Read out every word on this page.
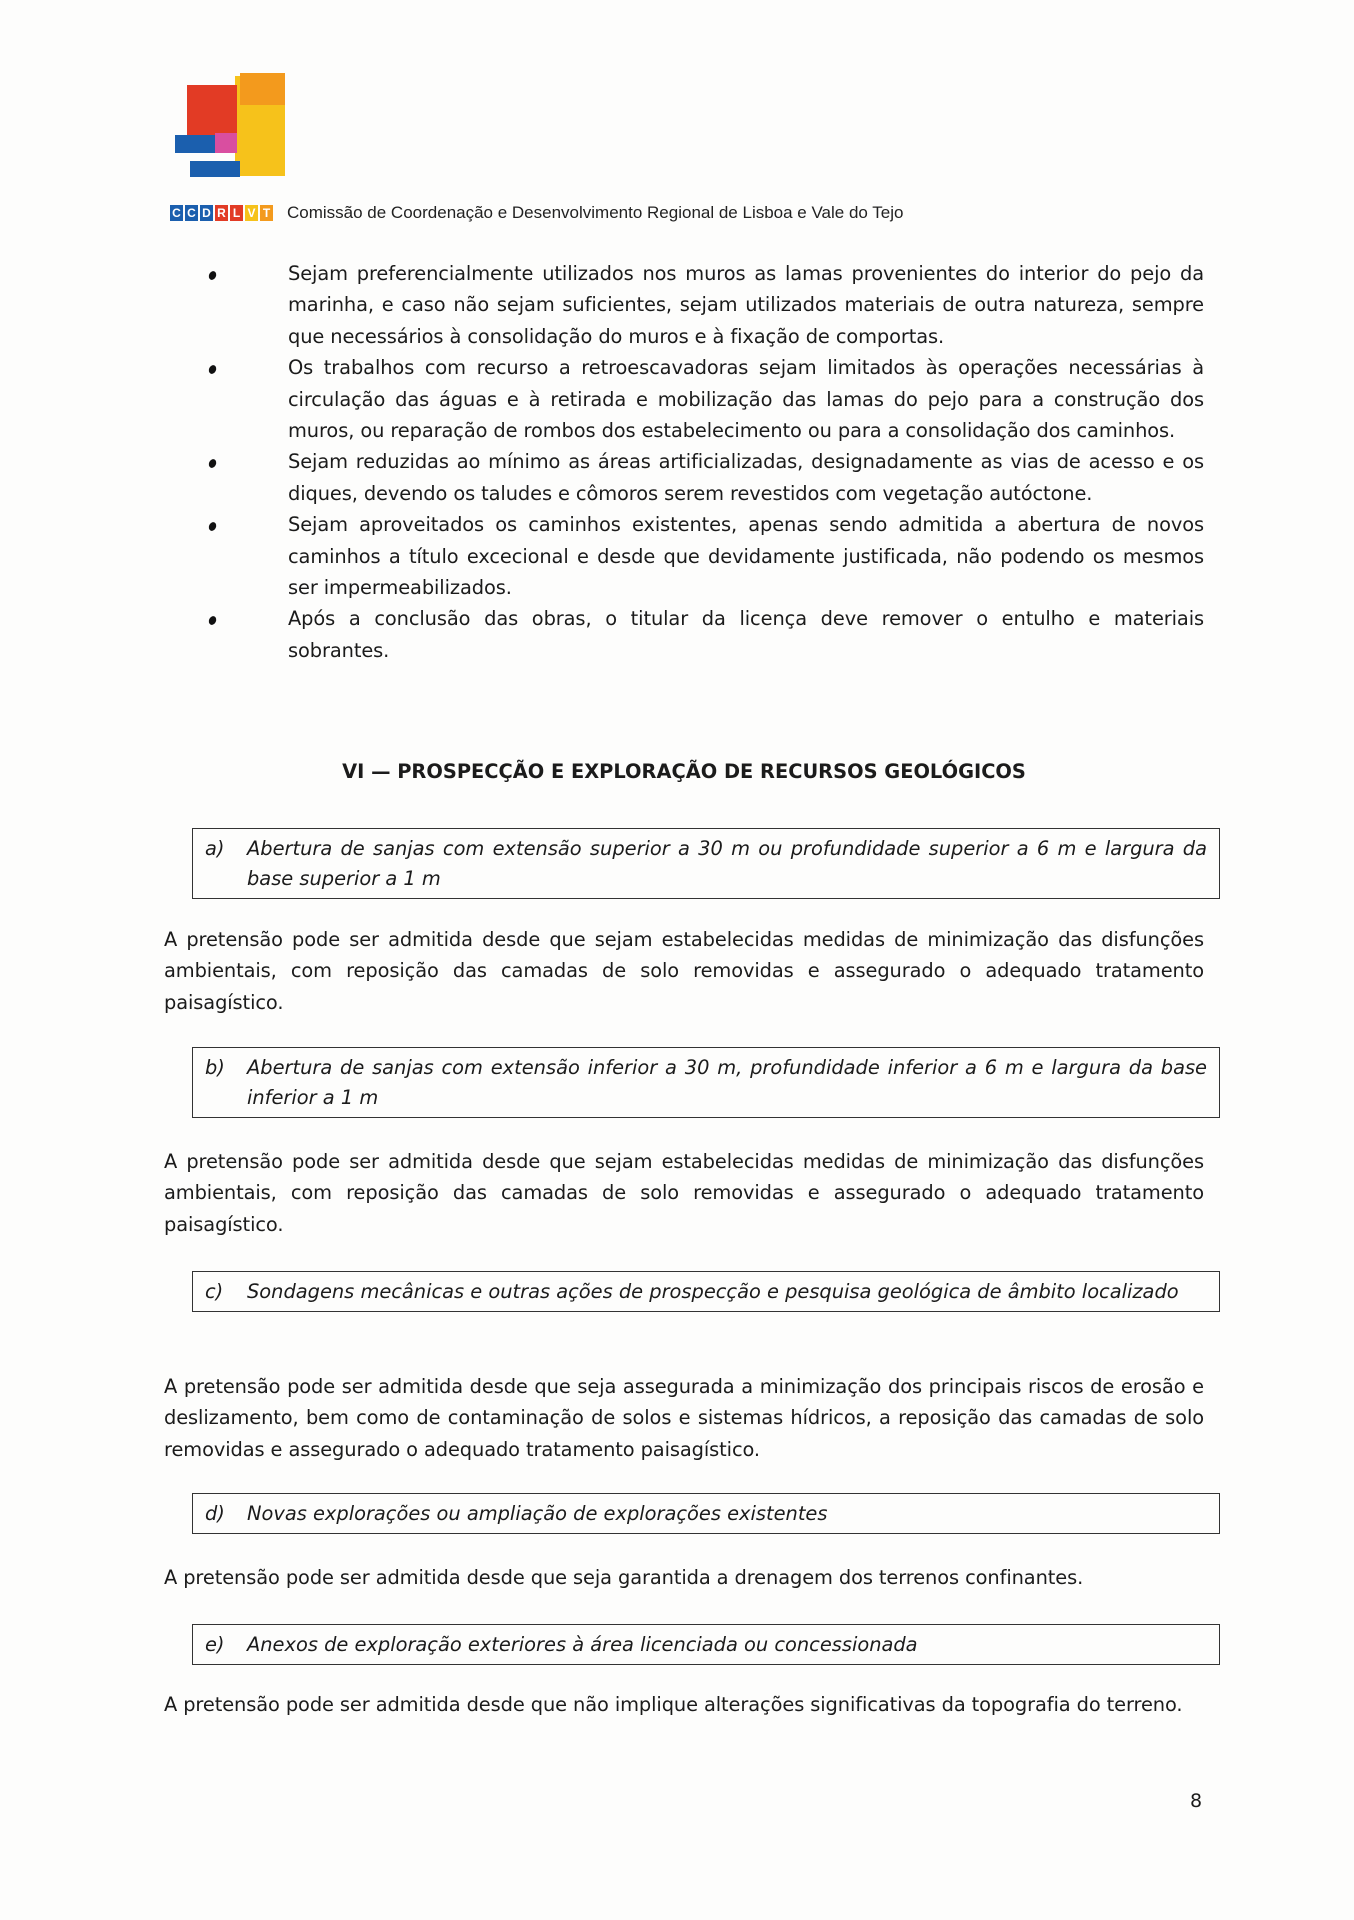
C C D R L V T Comissão de Coordenação e Desenvolvimento Regional de Lisboa e Vale do Tejo
Sejam preferencialmente utilizados nos muros as lamas provenientes do interior do pejo da marinha, e caso não sejam suficientes, sejam utilizados materiais de outra natureza, sempre que necessários à consolidação do muros e à fixação de comportas.
Os trabalhos com recurso a retroescavadoras sejam limitados às operações necessárias à circulação das águas e à retirada e mobilização das lamas do pejo para a construção dos muros, ou reparação de rombos dos estabelecimento ou para a consolidação dos caminhos.
Sejam reduzidas ao mínimo as áreas artificializadas, designadamente as vias de acesso e os diques, devendo os taludes e cômoros serem revestidos com vegetação autóctone.
Sejam aproveitados os caminhos existentes, apenas sendo admitida a abertura de novos caminhos a título excecional e desde que devidamente justificada, não podendo os mesmos ser impermeabilizados.
Após a conclusão das obras, o titular da licença deve remover o entulho e materiais sobrantes.
VI — PROSPECÇÃO E EXPLORAÇÃO DE RECURSOS GEOLÓGICOS
a)	Abertura de sanjas com extensão superior a 30 m ou profundidade superior a 6 m e largura da base superior a 1 m
A pretensão pode ser admitida desde que sejam estabelecidas medidas de minimização das disfunções ambientais, com reposição das camadas de solo removidas e assegurado o adequado tratamento paisagístico.
b)	Abertura de sanjas com extensão inferior a 30 m, profundidade inferior a 6 m e largura da base inferior a 1 m
A pretensão pode ser admitida desde que sejam estabelecidas medidas de minimização das disfunções ambientais, com reposição das camadas de solo removidas e assegurado o adequado tratamento paisagístico.
c)	Sondagens mecânicas e outras ações de prospecção e pesquisa geológica de âmbito localizado
A pretensão pode ser admitida desde que seja assegurada a minimização dos principais riscos de erosão e deslizamento, bem como de contaminação de solos e sistemas hídricos, a reposição das camadas de solo removidas e assegurado o adequado tratamento paisagístico.
d)	Novas explorações ou ampliação de explorações existentes
A pretensão pode ser admitida desde que seja garantida a drenagem dos terrenos confinantes.
e)	Anexos de exploração exteriores à área licenciada ou concessionada
A pretensão pode ser admitida desde que não implique alterações significativas da topografia do terreno.
8
